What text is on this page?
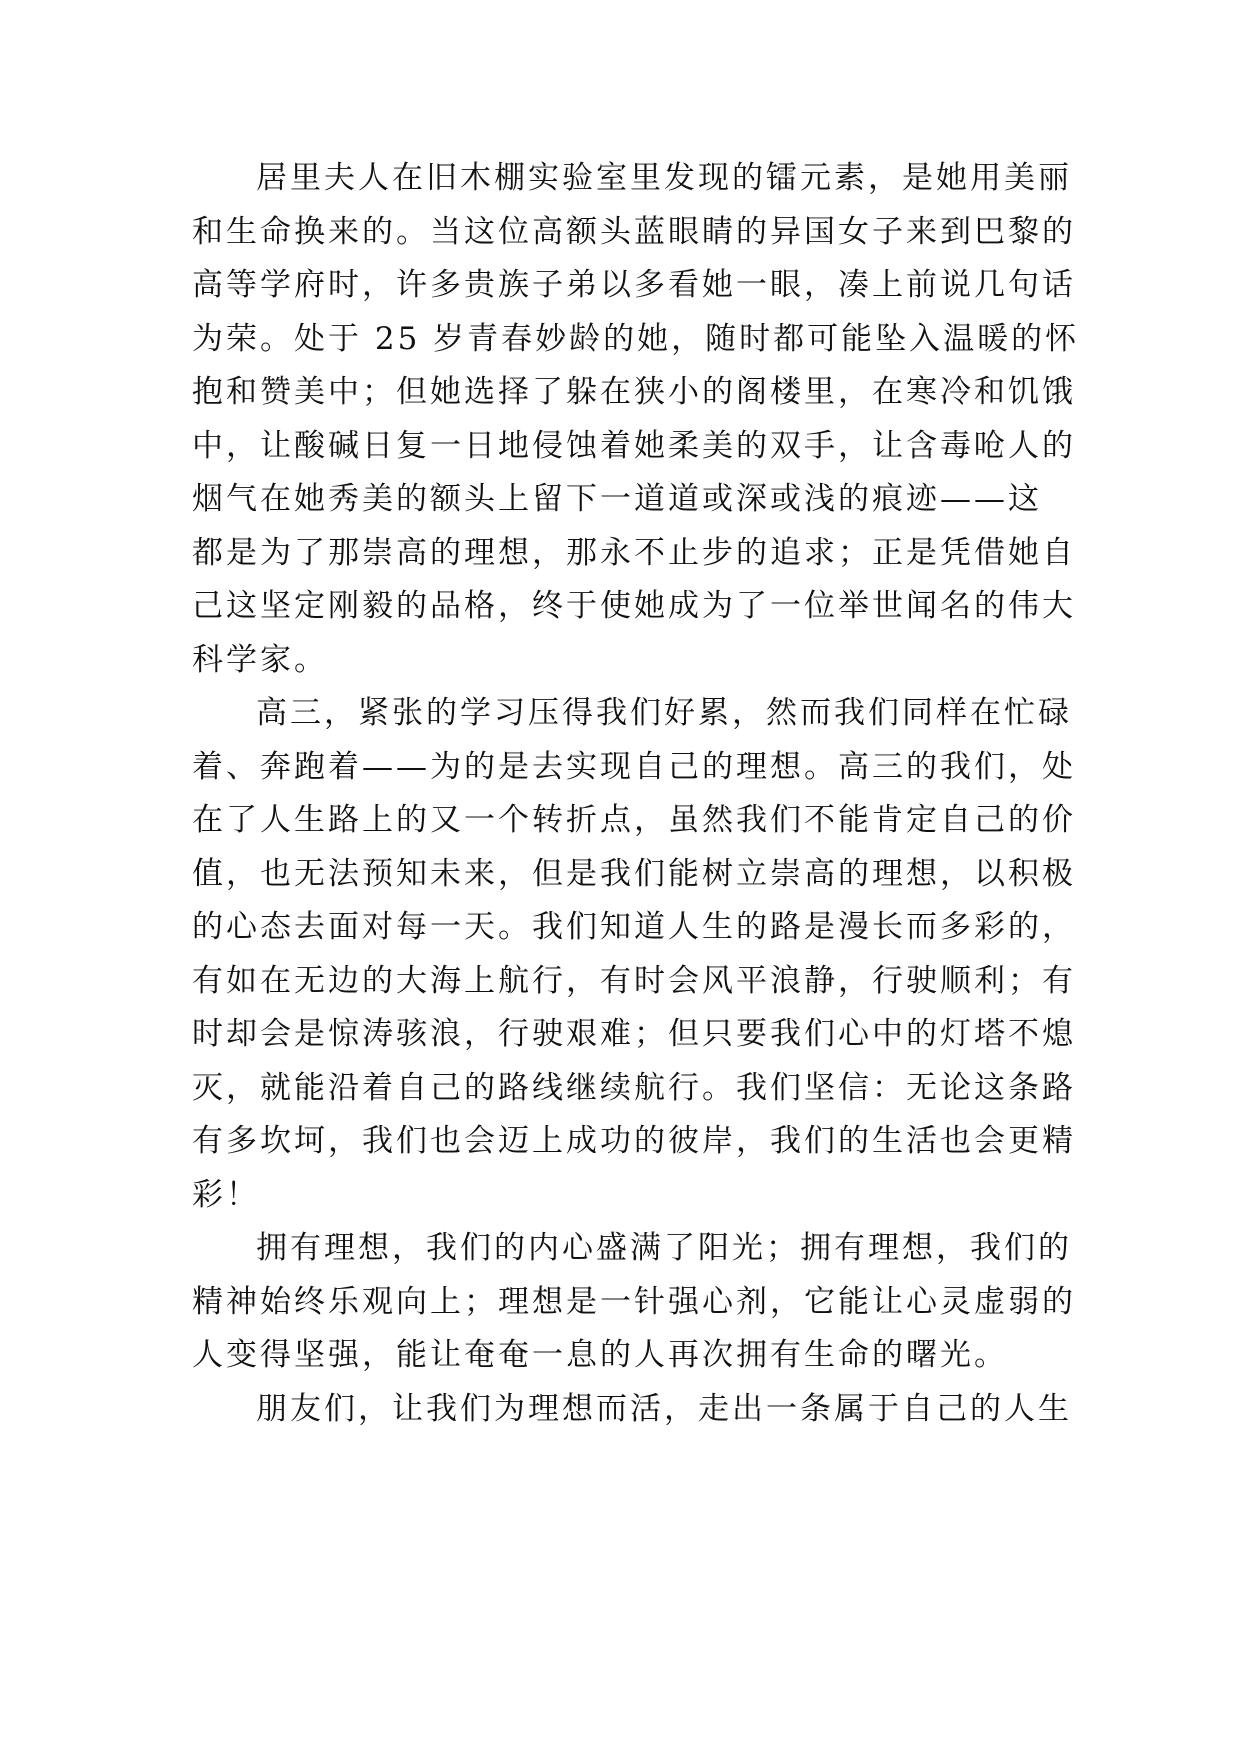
居里夫人在旧木棚实验室里发现的镭元素，是她用美丽
和生命换来的。当这位高额头蓝眼睛的异国女子来到巴黎的
高等学府时，许多贵族子弟以多看她一眼，凑上前说几句话
为荣。处于 25 岁青春妙龄的她，随时都可能坠入温暖的怀
抱和赞美中；但她选择了躲在狭小的阁楼里，在寒冷和饥饿
中，让酸碱日复一日地侵蚀着她柔美的双手，让含毒呛人的
烟气在她秀美的额头上留下一道道或深或浅的痕迹——这
都是为了那崇高的理想，那永不止步的追求；正是凭借她自
己这坚定刚毅的品格，终于使她成为了一位举世闻名的伟大
科学家。
高三，紧张的学习压得我们好累，然而我们同样在忙碌
着、奔跑着——为的是去实现自己的理想。高三的我们，处
在了人生路上的又一个转折点，虽然我们不能肯定自己的价
值，也无法预知未来，但是我们能树立崇高的理想，以积极
的心态去面对每一天。我们知道人生的路是漫长而多彩的，
有如在无边的大海上航行，有时会风平浪静，行驶顺利；有
时却会是惊涛骇浪，行驶艰难；但只要我们心中的灯塔不熄
灭，就能沿着自己的路线继续航行。我们坚信：无论这条路
有多坎坷，我们也会迈上成功的彼岸，我们的生活也会更精
彩！
拥有理想，我们的内心盛满了阳光；拥有理想，我们的
精神始终乐观向上；理想是一针强心剂，它能让心灵虚弱的
人变得坚强，能让奄奄一息的人再次拥有生命的曙光。
朋友们，让我们为理想而活，走出一条属于自己的人生
